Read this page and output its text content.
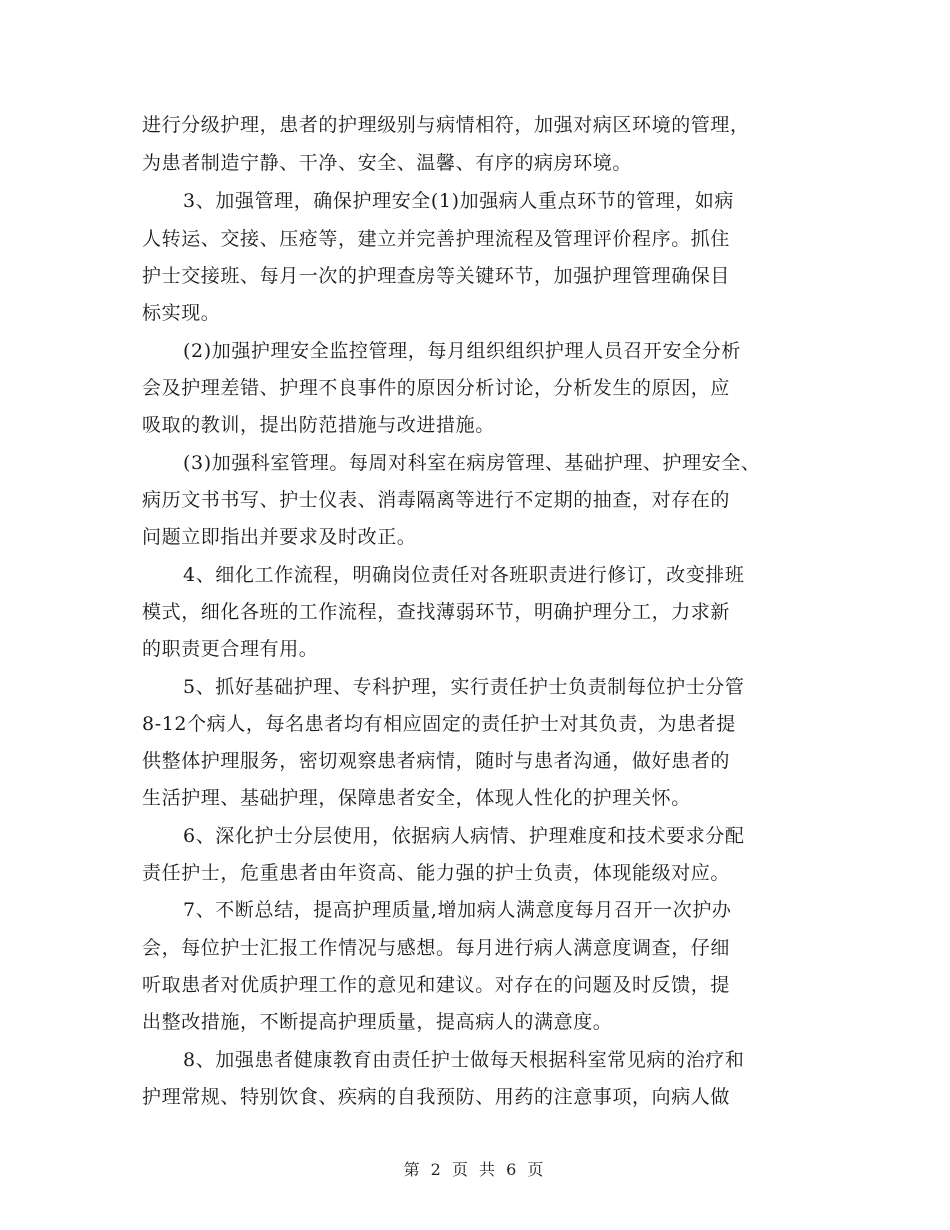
进行分级护理，患者的护理级别与病情相符，加强对病区环境的管理，
为患者制造宁静、干净、安全、温馨、有序的病房环境。
3、加强管理，确保护理安全(1)加强病人重点环节的管理，如病
人转运、交接、压疮等，建立并完善护理流程及管理评价程序。抓住
护士交接班、每月一次的护理查房等关键环节，加强护理管理确保目
标实现。
(2)加强护理安全监控管理，每月组织组织护理人员召开安全分析
会及护理差错、护理不良事件的原因分析讨论，分析发生的原因，应
吸取的教训，提出防范措施与改进措施。
(3)加强科室管理。每周对科室在病房管理、基础护理、护理安全、
病历文书书写、护士仪表、消毒隔离等进行不定期的抽查，对存在的
问题立即指出并要求及时改正。
4、细化工作流程，明确岗位责任对各班职责进行修订，改变排班
模式，细化各班的工作流程，查找薄弱环节，明确护理分工，力求新
的职责更合理有用。
5、抓好基础护理、专科护理，实行责任护士负责制每位护士分管
8-12个病人，每名患者均有相应固定的责任护士对其负责，为患者提
供整体护理服务，密切观察患者病情，随时与患者沟通，做好患者的
生活护理、基础护理，保障患者安全，体现人性化的护理关怀。
6、深化护士分层使用，依据病人病情、护理难度和技术要求分配
责任护士，危重患者由年资高、能力强的护士负责，体现能级对应。
7、不断总结，提高护理质量,增加病人满意度每月召开一次护办
会，每位护士汇报工作情况与感想。每月进行病人满意度调查，仔细
听取患者对优质护理工作的意见和建议。对存在的问题及时反馈，提
出整改措施，不断提高护理质量，提高病人的满意度。
8、加强患者健康教育由责任护士做每天根据科室常见病的治疗和
护理常规、特别饮食、疾病的自我预防、用药的注意事项，向病人做
第 2 页 共 6 页
